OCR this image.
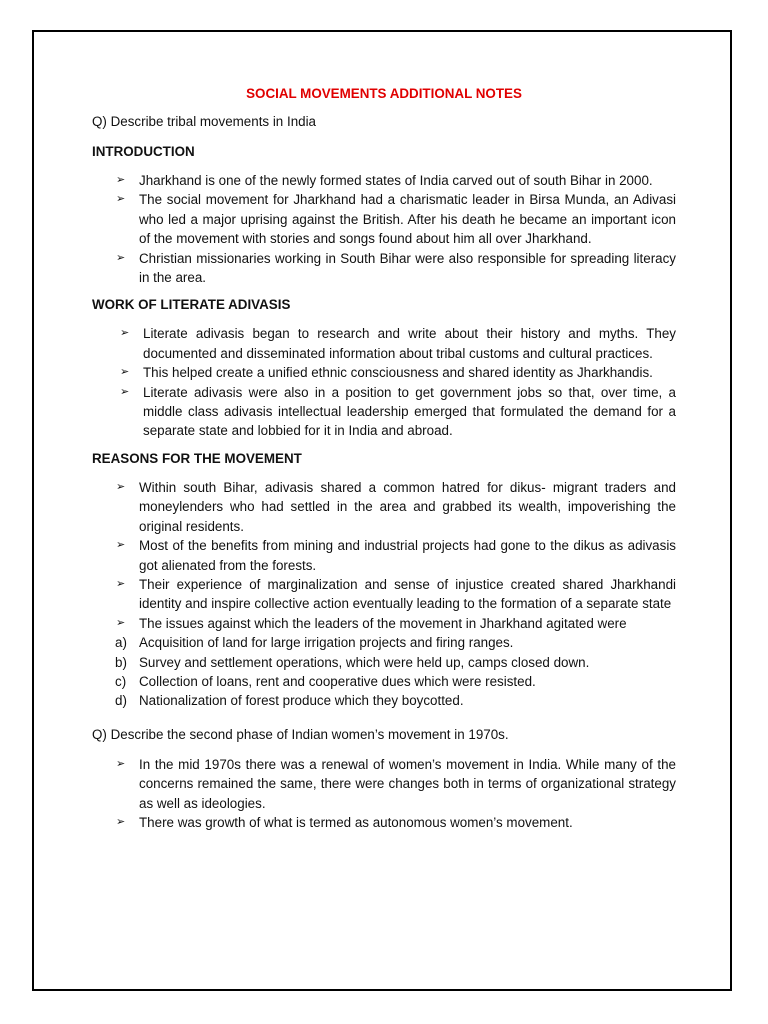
SOCIAL MOVEMENTS ADDITIONAL NOTES
Q) Describe tribal movements in India
INTRODUCTION
➢ Jharkhand is one of the newly formed states of India carved out of south Bihar in 2000.
➢ The social movement for Jharkhand had a charismatic leader in Birsa Munda, an Adivasi who led a major uprising against the British. After his death he became an important icon of the movement with stories and songs found about him all over Jharkhand.
➢ Christian missionaries working in South Bihar were also responsible for spreading literacy in the area.
WORK OF LITERATE ADIVASIS
➢ Literate adivasis began to research and write about their history and myths. They documented and disseminated information about tribal customs and cultural practices.
➢ This helped create a unified ethnic consciousness and shared identity as Jharkhandis.
➢ Literate adivasis were also in a position to get government jobs so that, over time, a middle class adivasis intellectual leadership emerged that formulated the demand for a separate state and lobbied for it in India and abroad.
REASONS FOR THE MOVEMENT
➢ Within south Bihar, adivasis shared a common hatred for dikus- migrant traders and moneylenders who had settled in the area and grabbed its wealth, impoverishing the original residents.
➢ Most of the benefits from mining and industrial projects had gone to the dikus as adivasis got alienated from the forests.
➢ Their experience of marginalization and sense of injustice created shared Jharkhandi identity and inspire collective action eventually leading to the formation of a separate state
➢ The issues against which the leaders of the movement in Jharkhand agitated were
a) Acquisition of land for large irrigation projects and firing ranges.
b) Survey and settlement operations, which were held up, camps closed down.
c) Collection of loans, rent and cooperative dues which were resisted.
d) Nationalization of forest produce which they boycotted.
Q) Describe the second phase of Indian women’s movement in 1970s.
➢ In the mid 1970s there was a renewal of women’s movement in India. While many of the concerns remained the same, there were changes both in terms of organizational strategy as well as ideologies.
➢ There was growth of what is termed as autonomous women’s movement.
